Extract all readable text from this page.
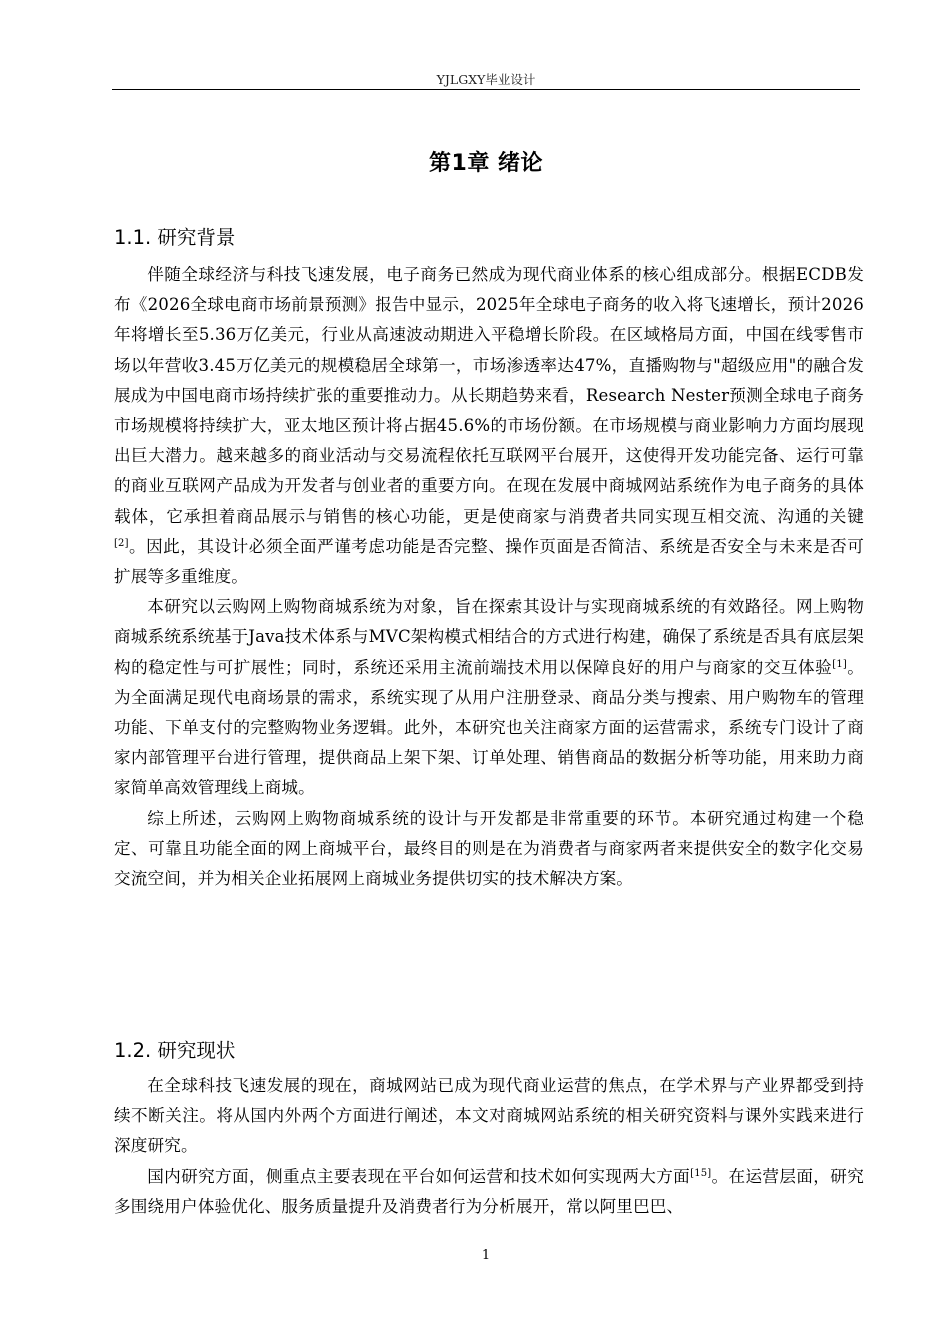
YJLGXY毕业设计
第1章 绪论
1.1. 研究背景

伴随全球经济与科技飞速发展，电子商务已然成为现代商业体系的核心组成部分。根据ECDB发布《2026全球电商市场前景预测》报告中显示，2025年全球电子商务的收入将飞速增长，预计2026年将增长至5.36万亿美元，行业从高速波动期进入平稳增长阶段。在区域格局方面，中国在线零售市场以年营收3.45万亿美元的规模稳居全球第一，市场渗透率达47%，直播购物与"超级应用"的融合发展成为中国电商市场持续扩张的重要推动力。从长期趋势来看，Research Nester预测全球电子商务市场规模将持续扩大，亚太地区预计将占据45.6%的市场份额。在市场规模与商业影响力方面均展现出巨大潜力。越来越多的商业活动与交易流程依托互联网平台展开，这使得开发功能完备、运行可靠的商业互联网产品成为开发者与创业者的重要方向。在现在发展中商城网站系统作为电子商务的具体载体，它承担着商品展示与销售的核心功能，更是使商家与消费者共同实现互相交流、沟通的关键[2]。因此，其设计必须全面严谨考虑功能是否完整、操作页面是否简洁、系统是否安全与未来是否可扩展等多重维度。

本研究以云购网上购物商城系统为对象，旨在探索其设计与实现商城系统的有效路径。网上购物商城系统系统基于Java技术体系与MVC架构模式相结合的方式进行构建，确保了系统是否具有底层架构的稳定性与可扩展性；同时，系统还采用主流前端技术用以保障良好的用户与商家的交互体验[1]。为全面满足现代电商场景的需求，系统实现了从用户注册登录、商品分类与搜索、用户购物车的管理功能、下单支付的完整购物业务逻辑。此外，本研究也关注商家方面的运营需求，系统专门设计了商家内部管理平台进行管理，提供商品上架下架、订单处理、销售商品的数据分析等功能，用来助力商家简单高效管理线上商城。

综上所述，云购网上购物商城系统的设计与开发都是非常重要的环节。本研究通过构建一个稳定、可靠且功能全面的网上商城平台，最终目的则是在为消费者与商家两者来提供安全的数字化交易交流空间，并为相关企业拓展网上商城业务提供切实的技术解决方案。

1.2. 研究现状

在全球科技飞速发展的现在，商城网站已成为现代商业运营的焦点，在学术界与产业界都受到持续不断关注。将从国内外两个方面进行阐述，本文对商城网站系统的相关研究资料与课外实践来进行深度研究。

国内研究方面，侧重点主要表现在平台如何运营和技术如何实现两大方面[15]。在运营层面，研究多围绕用户体验优化、服务质量提升及消费者行为分析展开，常以阿里巴巴、

1
